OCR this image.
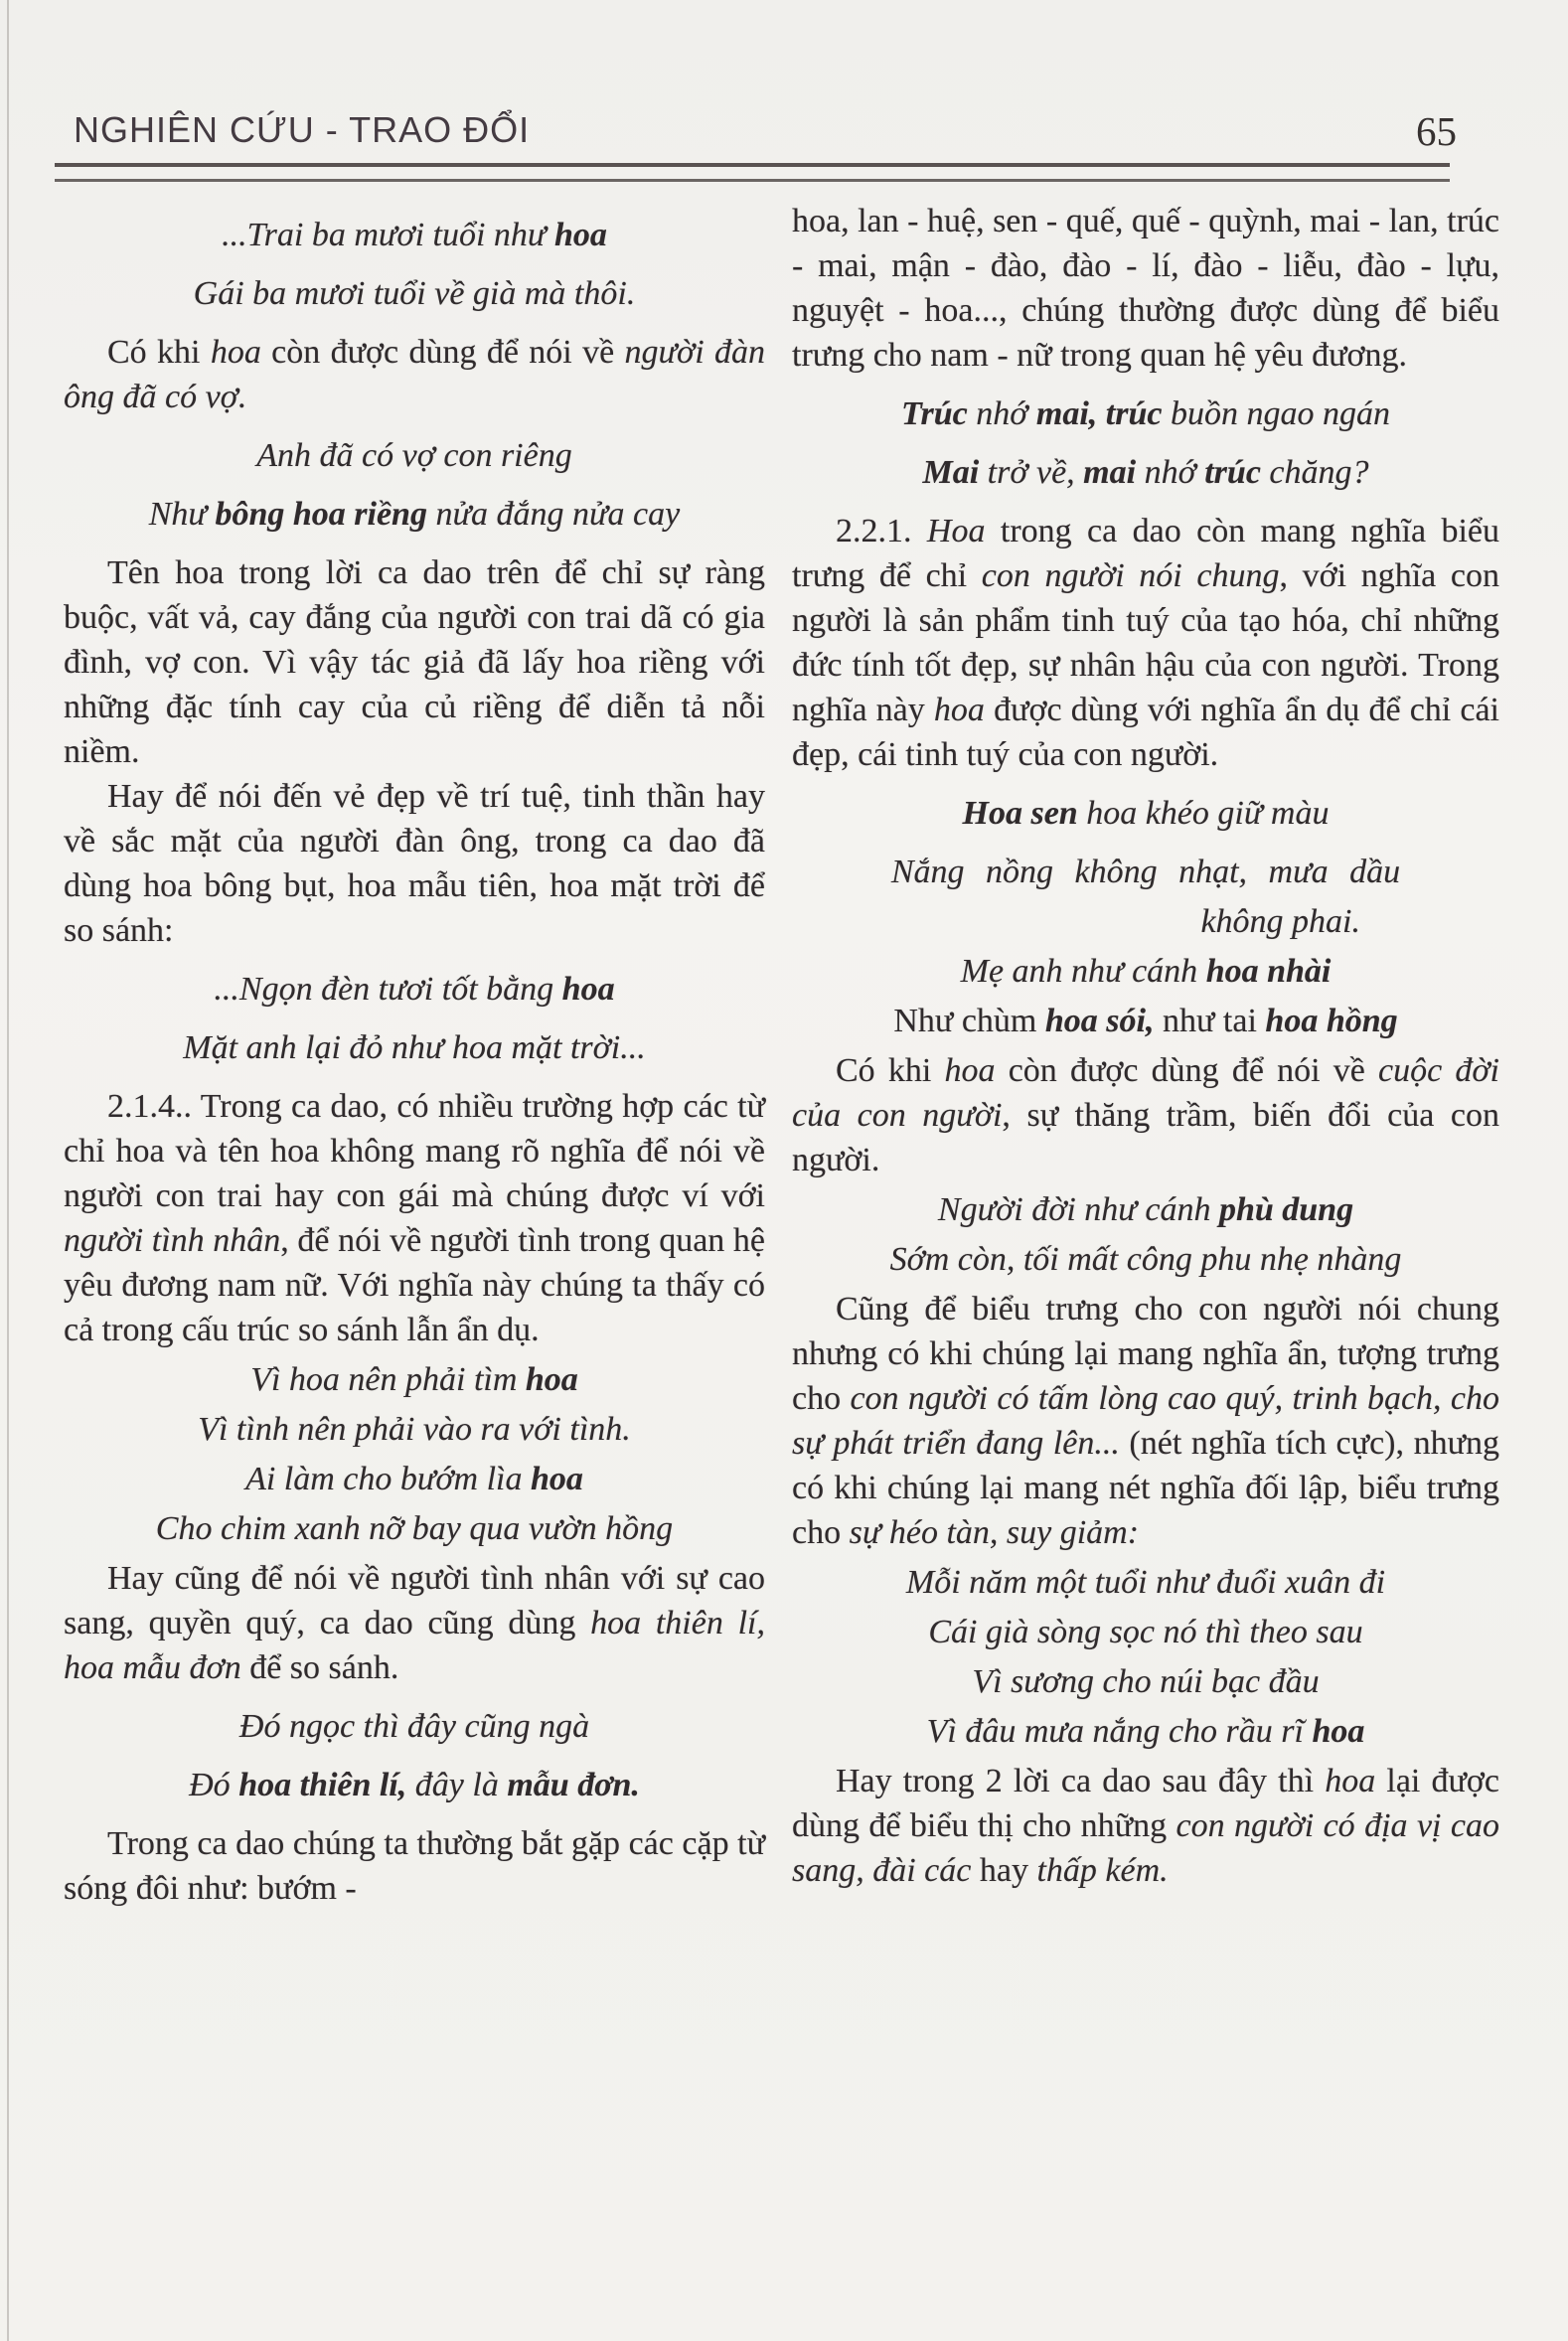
NGHIÊN CỨU - TRAO ĐỔI	65

...Trai ba mươi tuổi như hoa

Gái ba mươi tuổi về già mà thôi.

Có khi hoa còn được dùng để nói về người đàn ông đã có vợ.

Anh đã có vợ con riêng

Như bông hoa riềng nửa đắng nửa cay

Tên hoa trong lời ca dao trên để chỉ sự ràng buộc, vất vả, cay đắng của người con trai dã có gia đình, vợ con. Vì vậy tác giả đã lấy hoa riềng với những đặc tính cay của củ riềng để diễn tả nỗi niềm.

Hay để nói đến vẻ đẹp về trí tuệ, tinh thần hay về sắc mặt của người đàn ông, trong ca dao đã dùng hoa bông bụt, hoa mẫu tiên, hoa mặt trời để so sánh:

...Ngọn đèn tươi tốt bằng hoa

Mặt anh lại đỏ như hoa mặt trời...

2.1.4.. Trong ca dao, có nhiều trường hợp các từ chỉ hoa và tên hoa không mang rõ nghĩa để nói về người con trai hay con gái mà chúng được ví với người tình nhân, để nói về người tình trong quan hệ yêu đương nam nữ. Với nghĩa này chúng ta thấy có cả trong cấu trúc so sánh lẫn ẩn dụ.

Vì hoa nên phải tìm hoa

Vì tình nên phải vào ra với tình.

Ai làm cho bướm lìa hoa

Cho chim xanh nỡ bay qua vườn hồng

Hay cũng để nói về người tình nhân với sự cao sang, quyền quý, ca dao cũng dùng hoa thiên lí, hoa mẫu đơn để so sánh.

Đó ngọc thì đây cũng ngà

Đó hoa thiên lí, đây là mẫu đơn.

Trong ca dao chúng ta thường bắt gặp các cặp từ sóng đôi như: bướm -

hoa, lan - huệ, sen - quế, quế - quỳnh, mai - lan, trúc - mai, mận - đào, đào - lí, đào - liễu, đào - lựu, nguyệt - hoa..., chúng thường được dùng để biểu trưng cho nam - nữ trong quan hệ yêu đương.

Trúc nhớ mai, trúc buồn ngao ngán

Mai trở về, mai nhớ trúc chăng?

2.2.1. Hoa trong ca dao còn mang nghĩa biểu trưng để chỉ con người nói chung, với nghĩa con người là sản phẩm tinh tuý của tạo hóa, chỉ những đức tính tốt đẹp, sự nhân hậu của con người. Trong nghĩa này hoa được dùng với nghĩa ẩn dụ để chỉ cái đẹp, cái tinh tuý của con người.

Hoa sen hoa khéo giữ màu

Nắng nồng không nhạt, mưa dầu

không phai.

Mẹ anh như cánh hoa nhài

Như chùm hoa sói, như tai hoa hồng

Có khi hoa còn được dùng để nói về cuộc đời của con người, sự thăng trầm, biến đổi của con người.

Người đời như cánh phù dung

Sớm còn, tối mất công phu nhẹ nhàng

Cũng để biểu trưng cho con người nói chung nhưng có khi chúng lại mang nghĩa ẩn, tượng trưng cho con người có tấm lòng cao quý, trinh bạch, cho sự phát triển đang lên... (nét nghĩa tích cực), nhưng có khi chúng lại mang nét nghĩa đối lập, biểu trưng cho sự héo tàn, suy giảm:

Mỗi năm một tuổi như đuổi xuân đi

Cái già sòng sọc nó thì theo sau

Vì sương cho núi bạc đầu

Vì đâu mưa nắng cho rầu rĩ hoa

Hay trong 2 lời ca dao sau đây thì hoa lại được dùng để biểu thị cho những con người có địa vị cao sang, đài các hay thấp kém.
